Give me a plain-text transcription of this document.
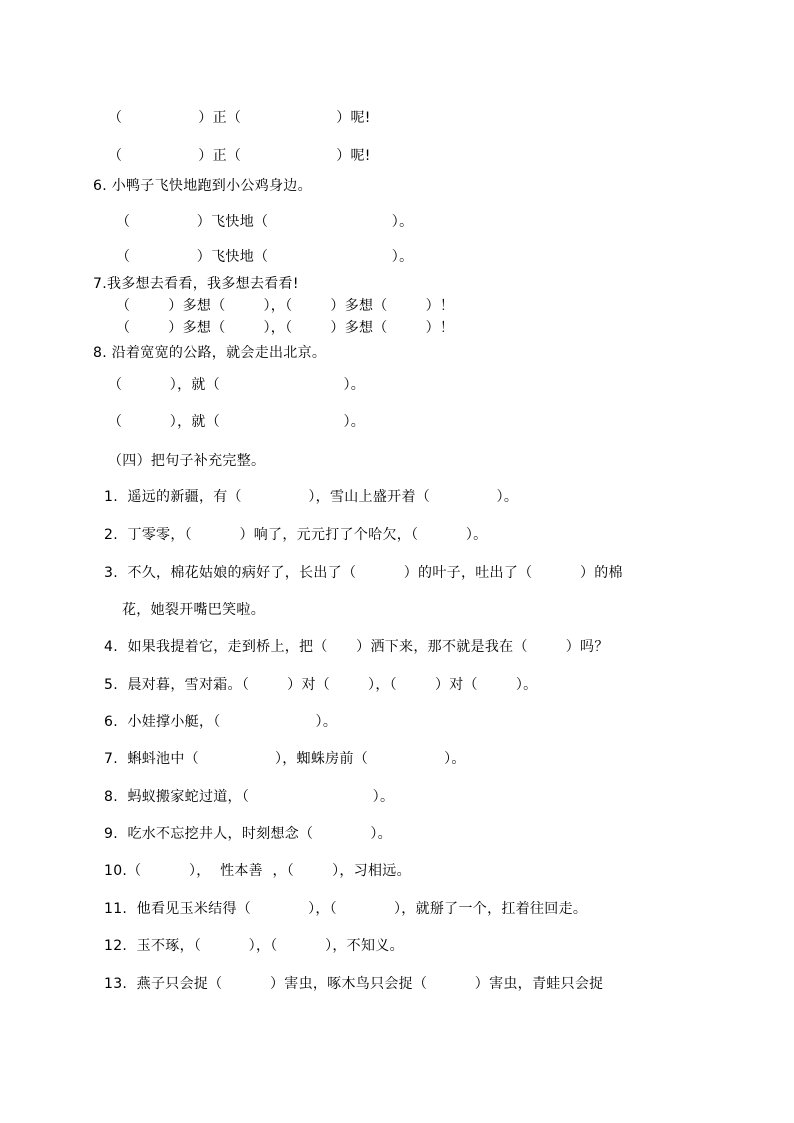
（                ）正（                    ）呢!
（                ）正（                    ）呢!
6. 小鸭子飞快地跑到小公鸡身边。
（              ）飞快地（                          ）。
（              ）飞快地（                          ）。
7.我多想去看看，我多想去看看!
（        ）多想（        ），（        ）多想（        ）！
（        ）多想（        ），（        ）多想（        ）！
8. 沿着宽宽的公路，就会走出北京。
（          ），就（                          ）。
（          ），就（                          ）。
（四）把句子补充完整。
1.  遥远的新疆，有（              ），雪山上盛开着（              ）。
2.  丁零零，（          ）响了，元元打了个哈欠，（          ）。
3.  不久，棉花姑娘的病好了，长出了（          ）的叶子，吐出了（          ）的棉
花，她裂开嘴巴笑啦。
4.  如果我提着它，走到桥上，把（      ）洒下来，那不就是我在（        ）吗？
5.  晨对暮，雪对霜。（        ）对（        ），（        ）对（        ）。
6.  小娃撑小艇，（                    ）。
7.  蝌蚪池中（                ），蜘蛛房前（                ）。
8.  蚂蚁搬家蛇过道，（                          ）。
9.  吃水不忘挖井人，时刻想念（            ）。
10.（          ），  性本善  ，（        ），习相远。
11.  他看见玉米结得（            ），（            ），就掰了一个，扛着往回走。
12.  玉不琢，（          ），（          ），不知义。
13.  燕子只会捉（          ）害虫，啄木鸟只会捉（          ）害虫，青蛙只会捉
